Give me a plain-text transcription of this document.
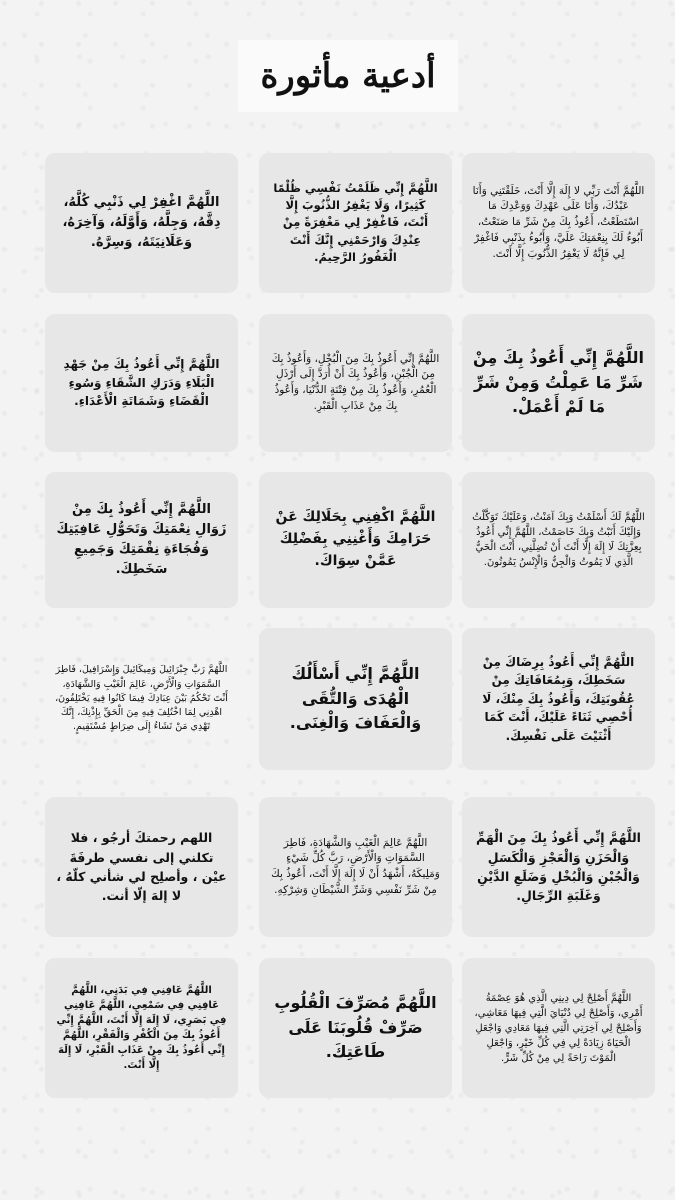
أدعية مأثورة

اللَّهُمَّ أَنْتَ رَبِّي لا إِلَهَ إِلَّا أَنْتَ، خَلَقْتَنِي وَأَنَا عَبْدُكَ، وَأَنَا عَلَى عَهْدِكَ وَوَعْدِكَ مَا اسْتَطَعْتُ، أَعُوذُ بِكَ مِنْ شَرِّ مَا صَنَعْتُ، أَبُوءُ لَكَ بِنِعْمَتِكَ عَلَيَّ، وَأَبُوءُ بِذَنْبِي فَاغْفِرْ لِي فَإِنَّهُ لَا يَغْفِرُ الذُّنُوبَ إِلَّا أَنْتَ.

اللَّهُمَّ إِنِّي ظَلَمْتُ نَفْسِي ظُلْمًا كَثِيرًا، وَلَا يَغْفِرُ الذُّنُوبَ إِلَّا أَنْتَ، فَاغْفِرْ لِي مَغْفِرَةً مِنْ عِنْدِكَ وَارْحَمْنِي إِنَّكَ أَنْتَ الْغَفُورُ الرَّحِيمُ.

اللَّهُمَّ اغْفِرْ لِي ذَنْبِي كُلَّهُ، دِقَّهُ، وَجِلَّهُ، وَأَوَّلَهُ، وَآخِرَهُ، وَعَلَانِيَتَهُ، وَسِرَّهُ.

اللَّهُمَّ إِنِّي أَعُوذُ بِكَ مِنْ شَرِّ مَا عَمِلْتُ وَمِنْ شَرِّ مَا لَمْ أَعْمَلْ.

اللَّهُمَّ إِنِّي أَعُوذُ بِكَ مِنَ الْبُخْلِ، وَأَعُوذُ بِكَ مِنَ الْجُبْنِ، وَأَعُوذُ بِكَ أَنْ أُرَدَّ إِلَى أَرْذَلِ الْعُمُرِ، وَأَعُوذُ بِكَ مِنْ فِتْنَةِ الدُّنْيَا، وَأَعُوذُ بِكَ مِنْ عَذَابِ الْقَبْرِ.

اللَّهُمَّ إِنِّي أَعُوذُ بِكَ مِنْ جَهْدِ الْبَلَاءِ وَدَرَكِ الشَّقَاءِ وَسُوءِ الْقَضَاءِ وَشَمَاتَةِ الْأَعْدَاءِ.

اللَّهُمَّ لَكَ أَسْلَمْتُ وَبِكَ آمَنْتُ، وَعَلَيْكَ تَوَكَّلْتُ وَإِلَيْكَ أَنَبْتُ وَبِكَ خَاصَمْتُ، اللَّهُمَّ إِنِّي أَعُوذُ بِعِزَّتِكَ لَا إِلَهَ إِلَّا أَنْتَ أَنْ تُضِلَّنِي، أَنْتَ الْحَيُّ الَّذِي لَا يَمُوتُ وَالْجِنُّ وَالْإِنْسُ يَمُوتُونَ.

اللَّهُمَّ اكْفِنِي بِحَلَالِكَ عَنْ حَرَامِكَ وَأَغْنِنِي بِفَضْلِكَ عَمَّنْ سِوَاكَ.

اللَّهُمَّ إِنِّي أَعُوذُ بِكَ مِنْ زَوَالِ نِعْمَتِكَ وَتَحَوُّلِ عَافِيَتِكَ وَفُجَاءَةِ نِقْمَتِكَ وَجَمِيعِ سَخَطِكَ.

اللَّهُمَّ إِنِّي أَعُوذُ بِرِضَاكَ مِنْ سَخَطِكَ، وَبِمُعَافَاتِكَ مِنْ عُقُوبَتِكَ، وَأَعُوذُ بِكَ مِنْكَ، لَا أُحْصِي ثَنَاءً عَلَيْكَ، أَنْتَ كَمَا أَثْنَيْتَ عَلَى نَفْسِكَ.

اللَّهُمَّ إِنِّي أَسْأَلُكَ الْهُدَى وَالتُّقَى وَالْعَفَافَ وَالْغِنَى.

اللَّهُمَّ رَبَّ جِبْرَائِيلَ وَمِيكَائِيلَ وَإِسْرَافِيلَ، فَاطِرَ السَّمَوَاتِ وَالْأَرْضِ، عَالِمَ الْغَيْبِ وَالشَّهَادَةِ، أَنْتَ تَحْكُمُ بَيْنَ عِبَادِكَ فِيمَا كَانُوا فِيهِ يَخْتَلِفُونَ، اهْدِنِي لِمَا اخْتُلِفَ فِيهِ مِنَ الْحَقِّ بِإِذْنِكَ، إِنَّكَ تَهْدِي مَنْ تَشَاءُ إِلَى صِرَاطٍ مُسْتَقِيمٍ.

اللَّهُمَّ إِنِّي أَعُوذُ بِكَ مِنَ الْهَمِّ وَالْحَزَنِ وَالْعَجْزِ وَالْكَسَلِ وَالْجُبْنِ وَالْبُخْلِ وَضَلَعِ الدَّيْنِ وَغَلَبَةِ الرِّجَالِ.

اللَّهُمَّ عَالِمَ الْغَيْبِ وَالشَّهَادَةِ، فَاطِرَ السَّمَوَاتِ وَالْأَرْضِ، رَبَّ كُلِّ شَيْءٍ وَمَلِيكَهُ، أَشْهَدُ أَنْ لَا إِلَهَ إِلَّا أَنْتَ، أَعُوذُ بِكَ مِنْ شَرِّ نَفْسِي وَشَرِّ الشَّيْطَانِ وَشِرْكِهِ.

اللهم رحمتكَ أرجُو ، فلا تكلني إلى نفسي طرفَةَ عيْن ، وأصلِح لي شأني كلّهُ ، لا إلهَ إلّا أنت.

اللَّهُمَّ أَصْلِحْ لِي دِينِي الَّذِي هُوَ عِصْمَةُ أَمْرِي، وَأَصْلِحْ لِي دُنْيَايَ الَّتِي فِيهَا مَعَاشِي، وَأَصْلِحْ لِي آخِرَتِي الَّتِي فِيهَا مَعَادِي وَاجْعَلِ الْحَيَاةَ زِيَادَةً لِي فِي كُلِّ خَيْرٍ، وَاجْعَلِ الْمَوْتَ رَاحَةً لِي مِنْ كُلِّ شَرٍّ.

اللَّهُمَّ مُصَرِّفَ الْقُلُوبِ صَرِّفْ قُلُوبَنَا عَلَى طَاعَتِكَ.

اللَّهُمَّ عَافِنِي فِي بَدَنِي، اللَّهُمَّ عَافِنِي فِي سَمْعِي، اللَّهُمَّ عَافِنِي فِي بَصَرِي، لَا إِلَهَ إِلَّا أَنْتَ، اللَّهُمَّ إِنِّي أَعُوذُ بِكَ مِنَ الْكُفْرِ وَالْفَقْرِ، اللَّهُمَّ إِنِّي أَعُوذُ بِكَ مِنْ عَذَابِ الْقَبْرِ، لَا إِلَهَ إِلَّا أَنْتَ.
